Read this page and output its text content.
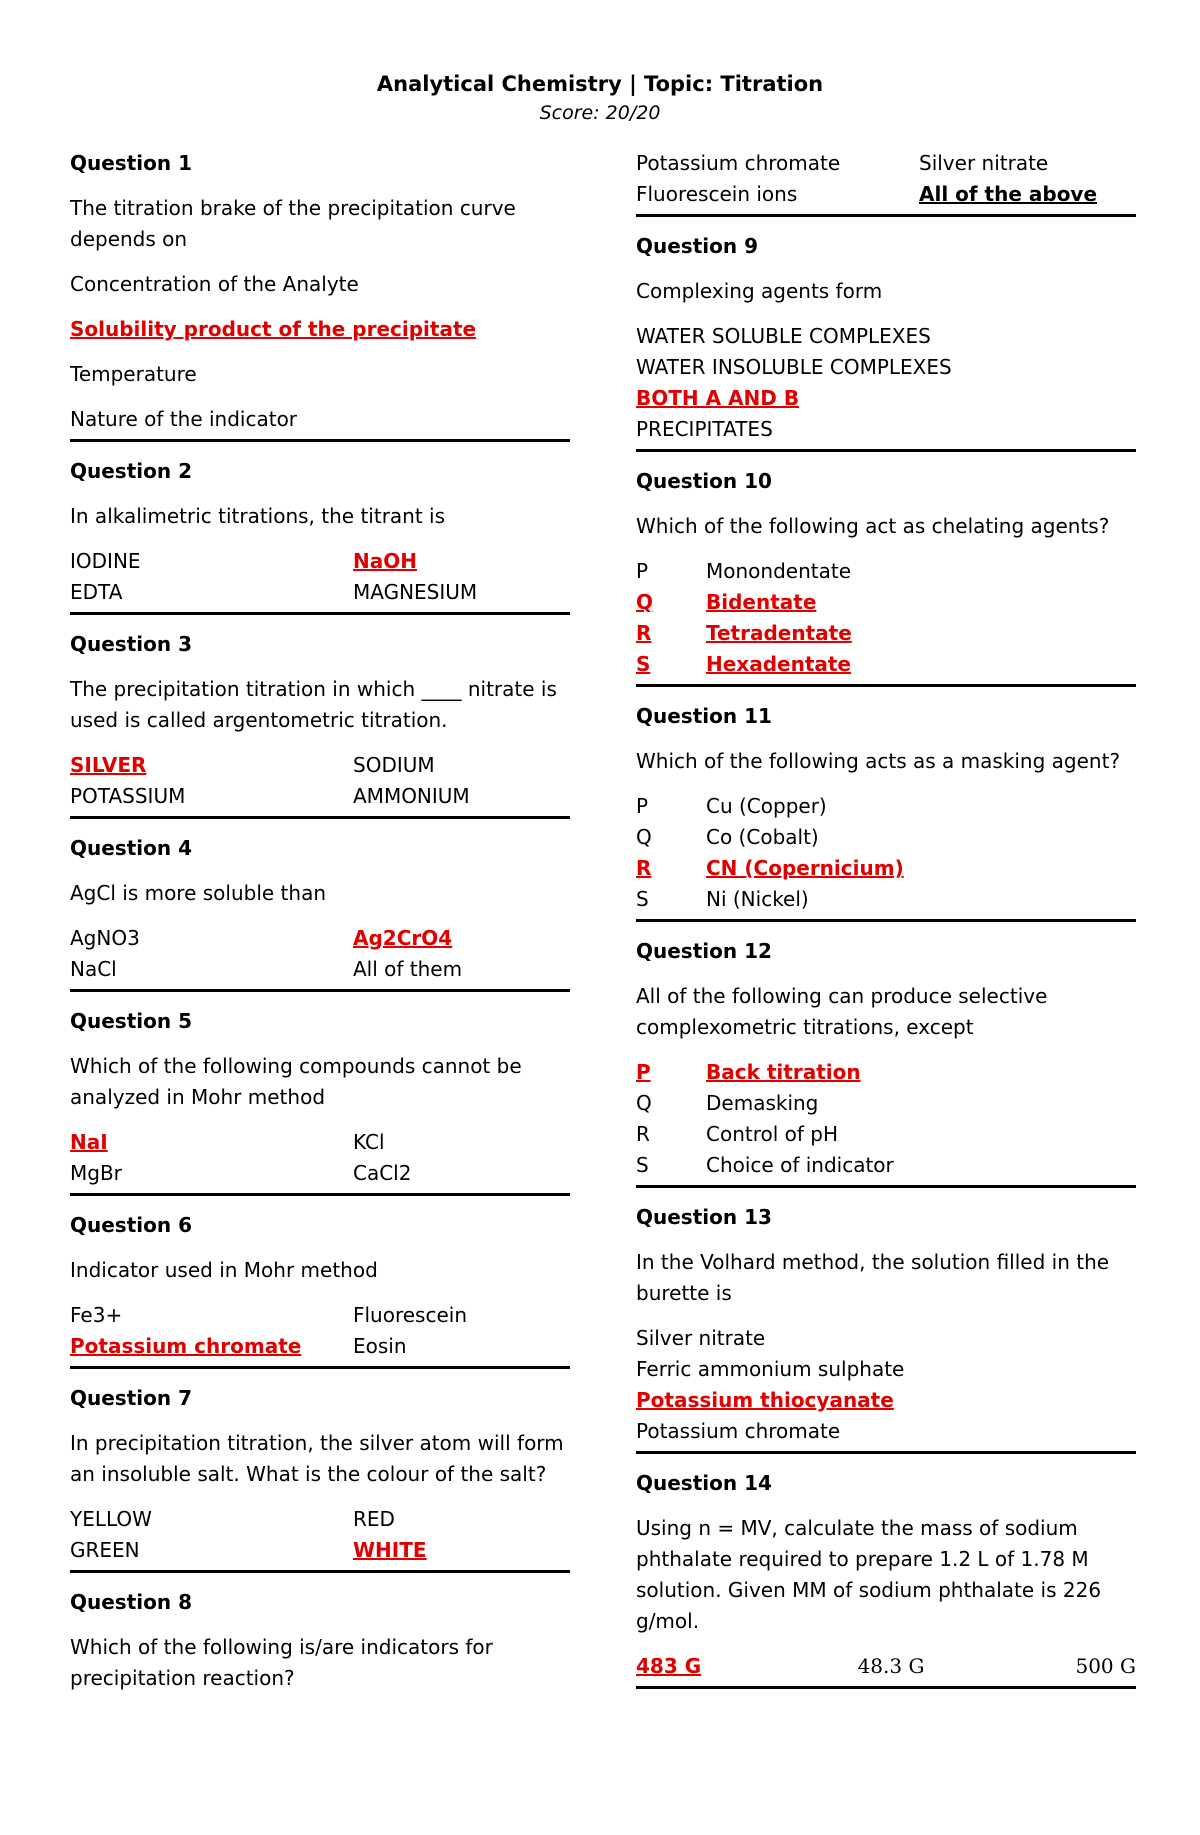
Analytical Chemistry | Topic: Titration
Score: 20/20

Question 1

The titration brake of the precipitation curve depends on

Concentration of the Analyte

Solubility product of the precipitate

Temperature

Nature of the indicator

Question 2

In alkalimetric titrations, the titrant is

IODINE	NaOH
EDTA	MAGNESIUM

Question 3

The precipitation titration in which ____ nitrate is used is called argentometric titration.

SILVER	SODIUM
POTASSIUM	AMMONIUM

Question 4

AgCl is more soluble than

AgNO3	Ag2CrO4
NaCl	All of them

Question 5

Which of the following compounds cannot be analyzed in Mohr method

NaI	KCl
MgBr	CaCl2

Question 6

Indicator used in Mohr method

Fe3+	Fluorescein
Potassium chromate	Eosin

Question 7

In precipitation titration, the silver atom will form an insoluble salt. What is the colour of the salt?

YELLOW	RED
GREEN	WHITE

Question 8

Which of the following is/are indicators for precipitation reaction?

Potassium chromate	Silver nitrate
Fluorescein ions	All of the above

Question 9

Complexing agents form

WATER SOLUBLE COMPLEXES
WATER INSOLUBLE COMPLEXES
BOTH A AND B
PRECIPITATES

Question 10

Which of the following act as chelating agents?

P	Monondentate
Q	Bidentate
R	Tetradentate
S	Hexadentate

Question 11

Which of the following acts as a masking agent?

P	Cu (Copper)
Q	Co (Cobalt)
R	CN (Copernicium)
S	Ni (Nickel)

Question 12

All of the following can produce selective complexometric titrations, except

P	Back titration
Q	Demasking
R	Control of pH
S	Choice of indicator

Question 13

In the Volhard method, the solution filled in the burette is

Silver nitrate
Ferric ammonium sulphate
Potassium thiocyanate
Potassium chromate

Question 14

Using n = MV, calculate the mass of sodium phthalate required to prepare 1.2 L of 1.78 M solution. Given MM of sodium phthalate is 226 g/mol.

483 G	48.3 G	500 G
